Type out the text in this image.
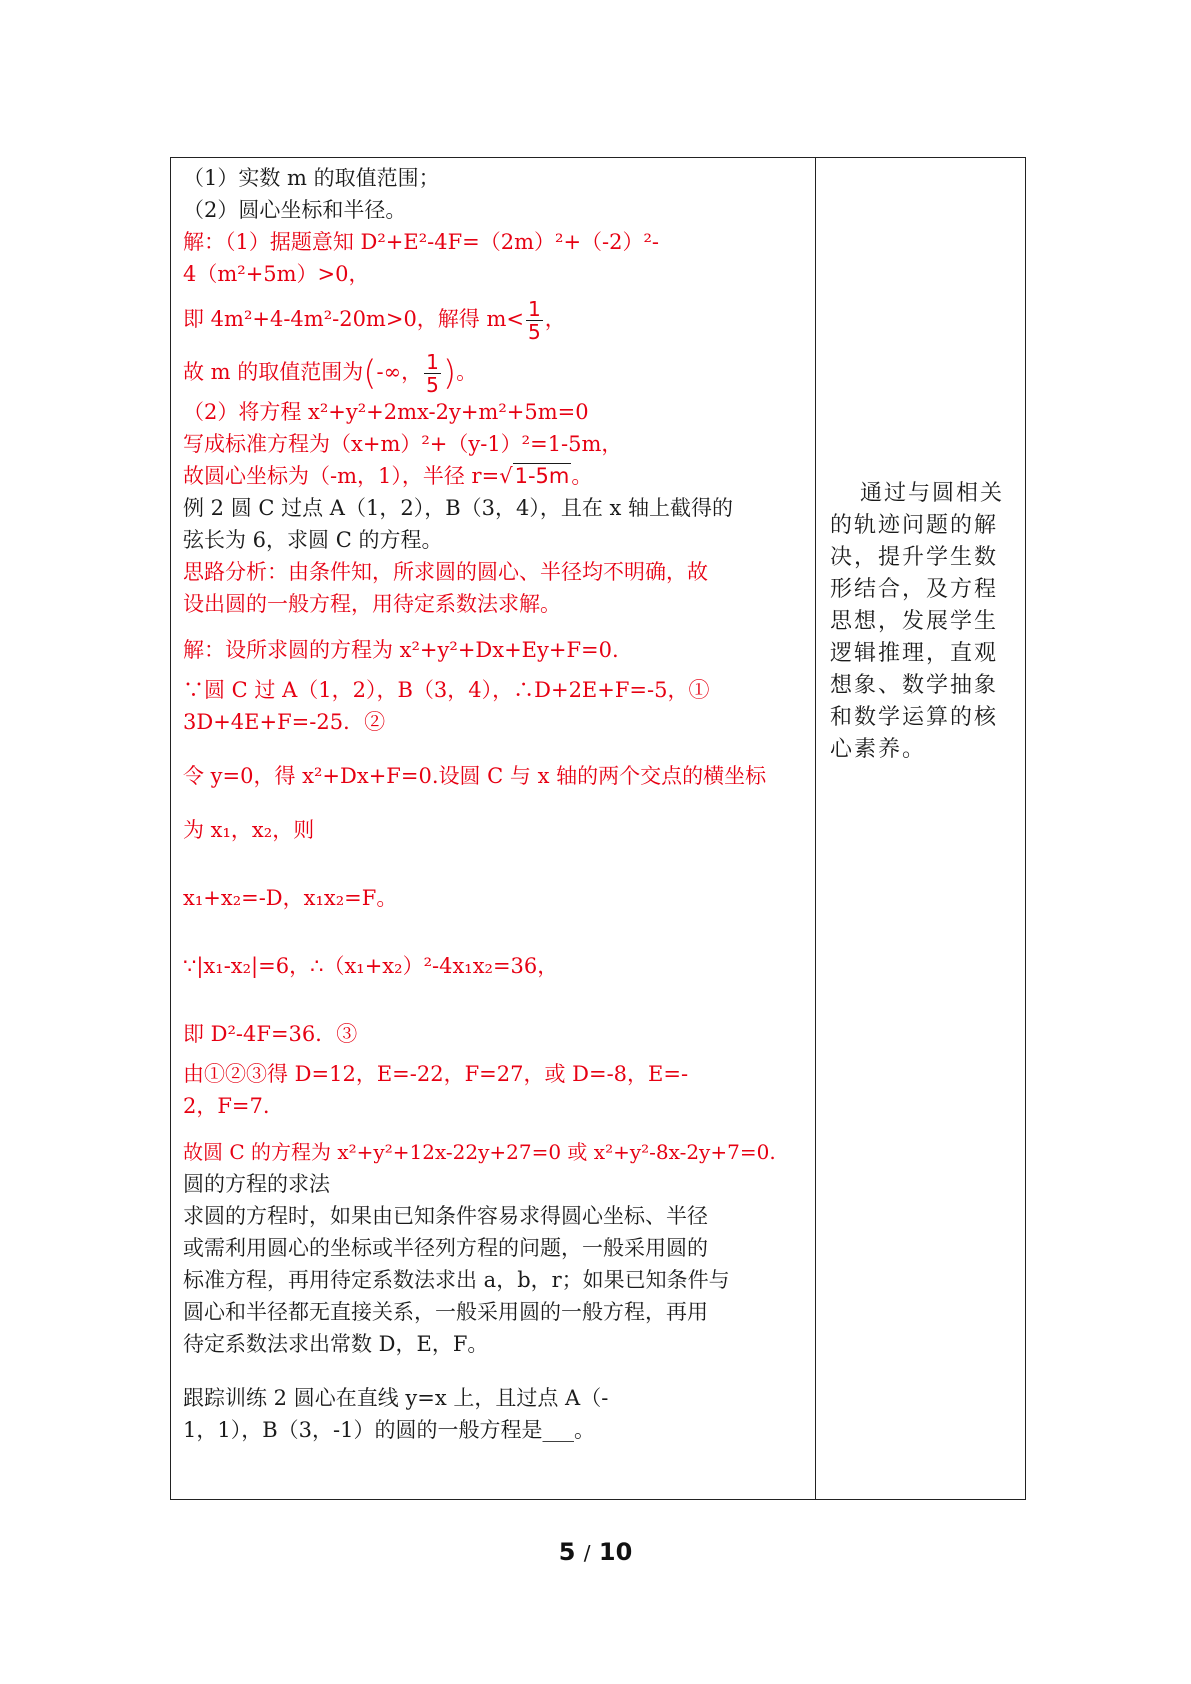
（1）实数 m 的取值范围；
（2）圆心坐标和半径。
解：（1）据题意知 D²+E²-4F=（2m）²+（-2）²-
4（m²+5m）>0，
即 4m²+4-4m²-20m>0，解得 $m< \frac{1}{5}$ ，
故 m 的取值范围为(-∞， $\frac{1}{5}$ )。
（2）将方程 x²+y²+2mx-2y+m²+5m=0
写成标准方程为（x+m）²+（y-1）²=1-5m，
故圆心坐标为（-m，1），半径 r=√1-5m。
例 2 圆 C 过点 A（1，2），B（3，4），且在 x 轴上截得的
弦长为 6，求圆 C 的方程。
思路分析：由条件知，所求圆的圆心、半径均不明确，故
设出圆的一般方程，用待定系数法求解。
解：设所求圆的方程为 x²+y²+Dx+Ey+F=0.
∵圆 C 过 A（1，2），B（3，4），∴D+2E+F=-5，①
3D+4E+F=-25．②
令 y=0，得 x²+Dx+F=0.设圆 C 与 x 轴的两个交点的横坐标
为 x₁，x₂，则
x₁+x₂=-D，x₁x₂=F。
∵|x₁-x₂|=6，∴（x₁+x₂）²-4x₁x₂=36，
即 D²-4F=36．③
由①②③得 D=12，E=-22，F=27，或 D=-8，E=-
2，F=7.
故圆 C 的方程为 x²+y²+12x-22y+27=0 或 x²+y²-8x-2y+7=0.
圆的方程的求法
求圆的方程时，如果由已知条件容易求得圆心坐标、半径
或需利用圆心的坐标或半径列方程的问题，一般采用圆的
标准方程，再用待定系数法求出 a，b，r；如果已知条件与
圆心和半径都无直接关系，一般采用圆的一般方程，再用
待定系数法求出常数 D，E，F。
跟踪训练 2 圆心在直线 y=x 上，且过点 A（-
1，1），B（3，-1）的圆的一般方程是___。
通过与圆相关
的轨迹问题的解
决，提升学生数
形结合，及方程
思想，发展学生
逻辑推理，直观
想象、数学抽象
和数学运算的核
心素养。
5 / 10
